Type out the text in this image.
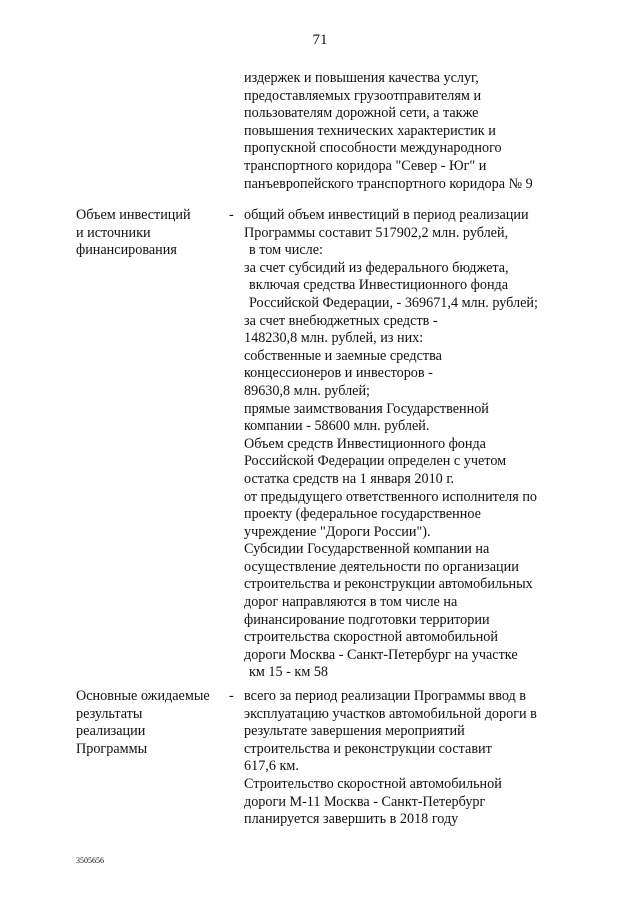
71

издержек и повышения качества услуг,

предоставляемых грузоотправителям и

пользователям дорожной сети, а также

повышения технических характеристик и

пропускной способности международного

транспортного коридора "Север - Юг" и

панъевропейского транспортного коридора № 9

Объем инвестиций

и источники

финансирования

- общий объем инвестиций в период реализации

Программы составит 517902,2 млн. рублей,

в том числе:

за счет субсидий из федерального бюджета,

включая средства Инвестиционного фонда

Российской Федерации, - 369671,4 млн. рублей;

за счет внебюджетных средств -

148230,8 млн. рублей, из них:

собственные и заемные средства

концессионеров и инвесторов -

89630,8 млн. рублей;

прямые заимствования Государственной

компании - 58600 млн. рублей.

Объем средств Инвестиционного фонда

Российской Федерации определен с учетом

остатка средств на 1 января 2010 г.

от предыдущего ответственного исполнителя по

проекту (федеральное государственное

учреждение "Дороги России").

Субсидии Государственной компании на

осуществление деятельности по организации

строительства и реконструкции автомобильных

дорог направляются в том числе на

финансирование подготовки территории

строительства скоростной автомобильной

дороги Москва - Санкт-Петербург на участке

км 15 - км 58

Основные ожидаемые

результаты

реализации

Программы

- всего за период реализации Программы ввод в

эксплуатацию участков автомобильной дороги в

результате завершения мероприятий

строительства и реконструкции составит

617,6 км.

Строительство скоростной автомобильной

дороги М-11 Москва - Санкт-Петербург

планируется завершить в 2018 году

3505656
